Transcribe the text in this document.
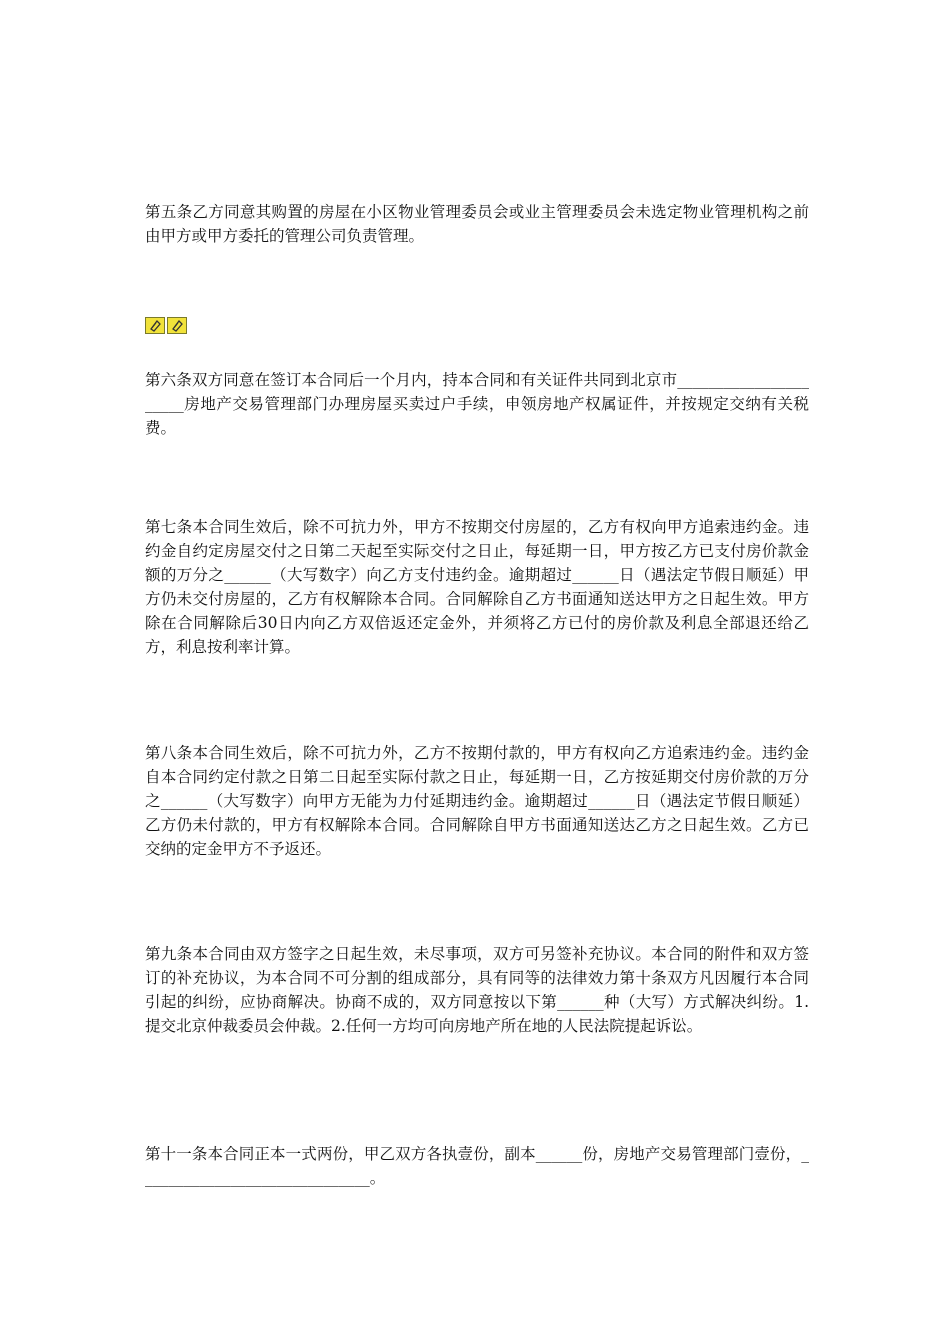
第五条乙方同意其购置的房屋在小区物业管理委员会或业主管理委员会未选定物业管理机构之前由甲方或甲方委托的管理公司负责管理。

第六条双方同意在签订本合同后一个月内，持本合同和有关证件共同到北京市______________________房地产交易管理部门办理房屋买卖过户手续，申领房地产权属证件，并按规定交纳有关税费。

第七条本合同生效后，除不可抗力外，甲方不按期交付房屋的，乙方有权向甲方追索违约金。违约金自约定房屋交付之日第二天起至实际交付之日止，每延期一日，甲方按乙方已支付房价款金额的万分之______（大写数字）向乙方支付违约金。逾期超过______日（遇法定节假日顺延）甲方仍未交付房屋的，乙方有权解除本合同。合同解除自乙方书面通知送达甲方之日起生效。甲方除在合同解除后30日内向乙方双倍返还定金外，并须将乙方已付的房价款及利息全部退还给乙方，利息按利率计算。

第八条本合同生效后，除不可抗力外，乙方不按期付款的，甲方有权向乙方追索违约金。违约金自本合同约定付款之日第二日起至实际付款之日止，每延期一日，乙方按延期交付房价款的万分之______（大写数字）向甲方无能为力付延期违约金。逾期超过______日（遇法定节假日顺延）乙方仍未付款的，甲方有权解除本合同。合同解除自甲方书面通知送达乙方之日起生效。乙方已交纳的定金甲方不予返还。

第九条本合同由双方签字之日起生效，未尽事项，双方可另签补充协议。本合同的附件和双方签订的补充协议，为本合同不可分割的组成部分，具有同等的法律效力第十条双方凡因履行本合同引起的纠纷，应协商解决。协商不成的，双方同意按以下第______种（大写）方式解决纠纷。1.提交北京仲裁委员会仲裁。2.任何一方均可向房地产所在地的人民法院提起诉讼。

第十一条本合同正本一式两份，甲乙双方各执壹份，副本______份，房地产交易管理部门壹份，______________________________。
